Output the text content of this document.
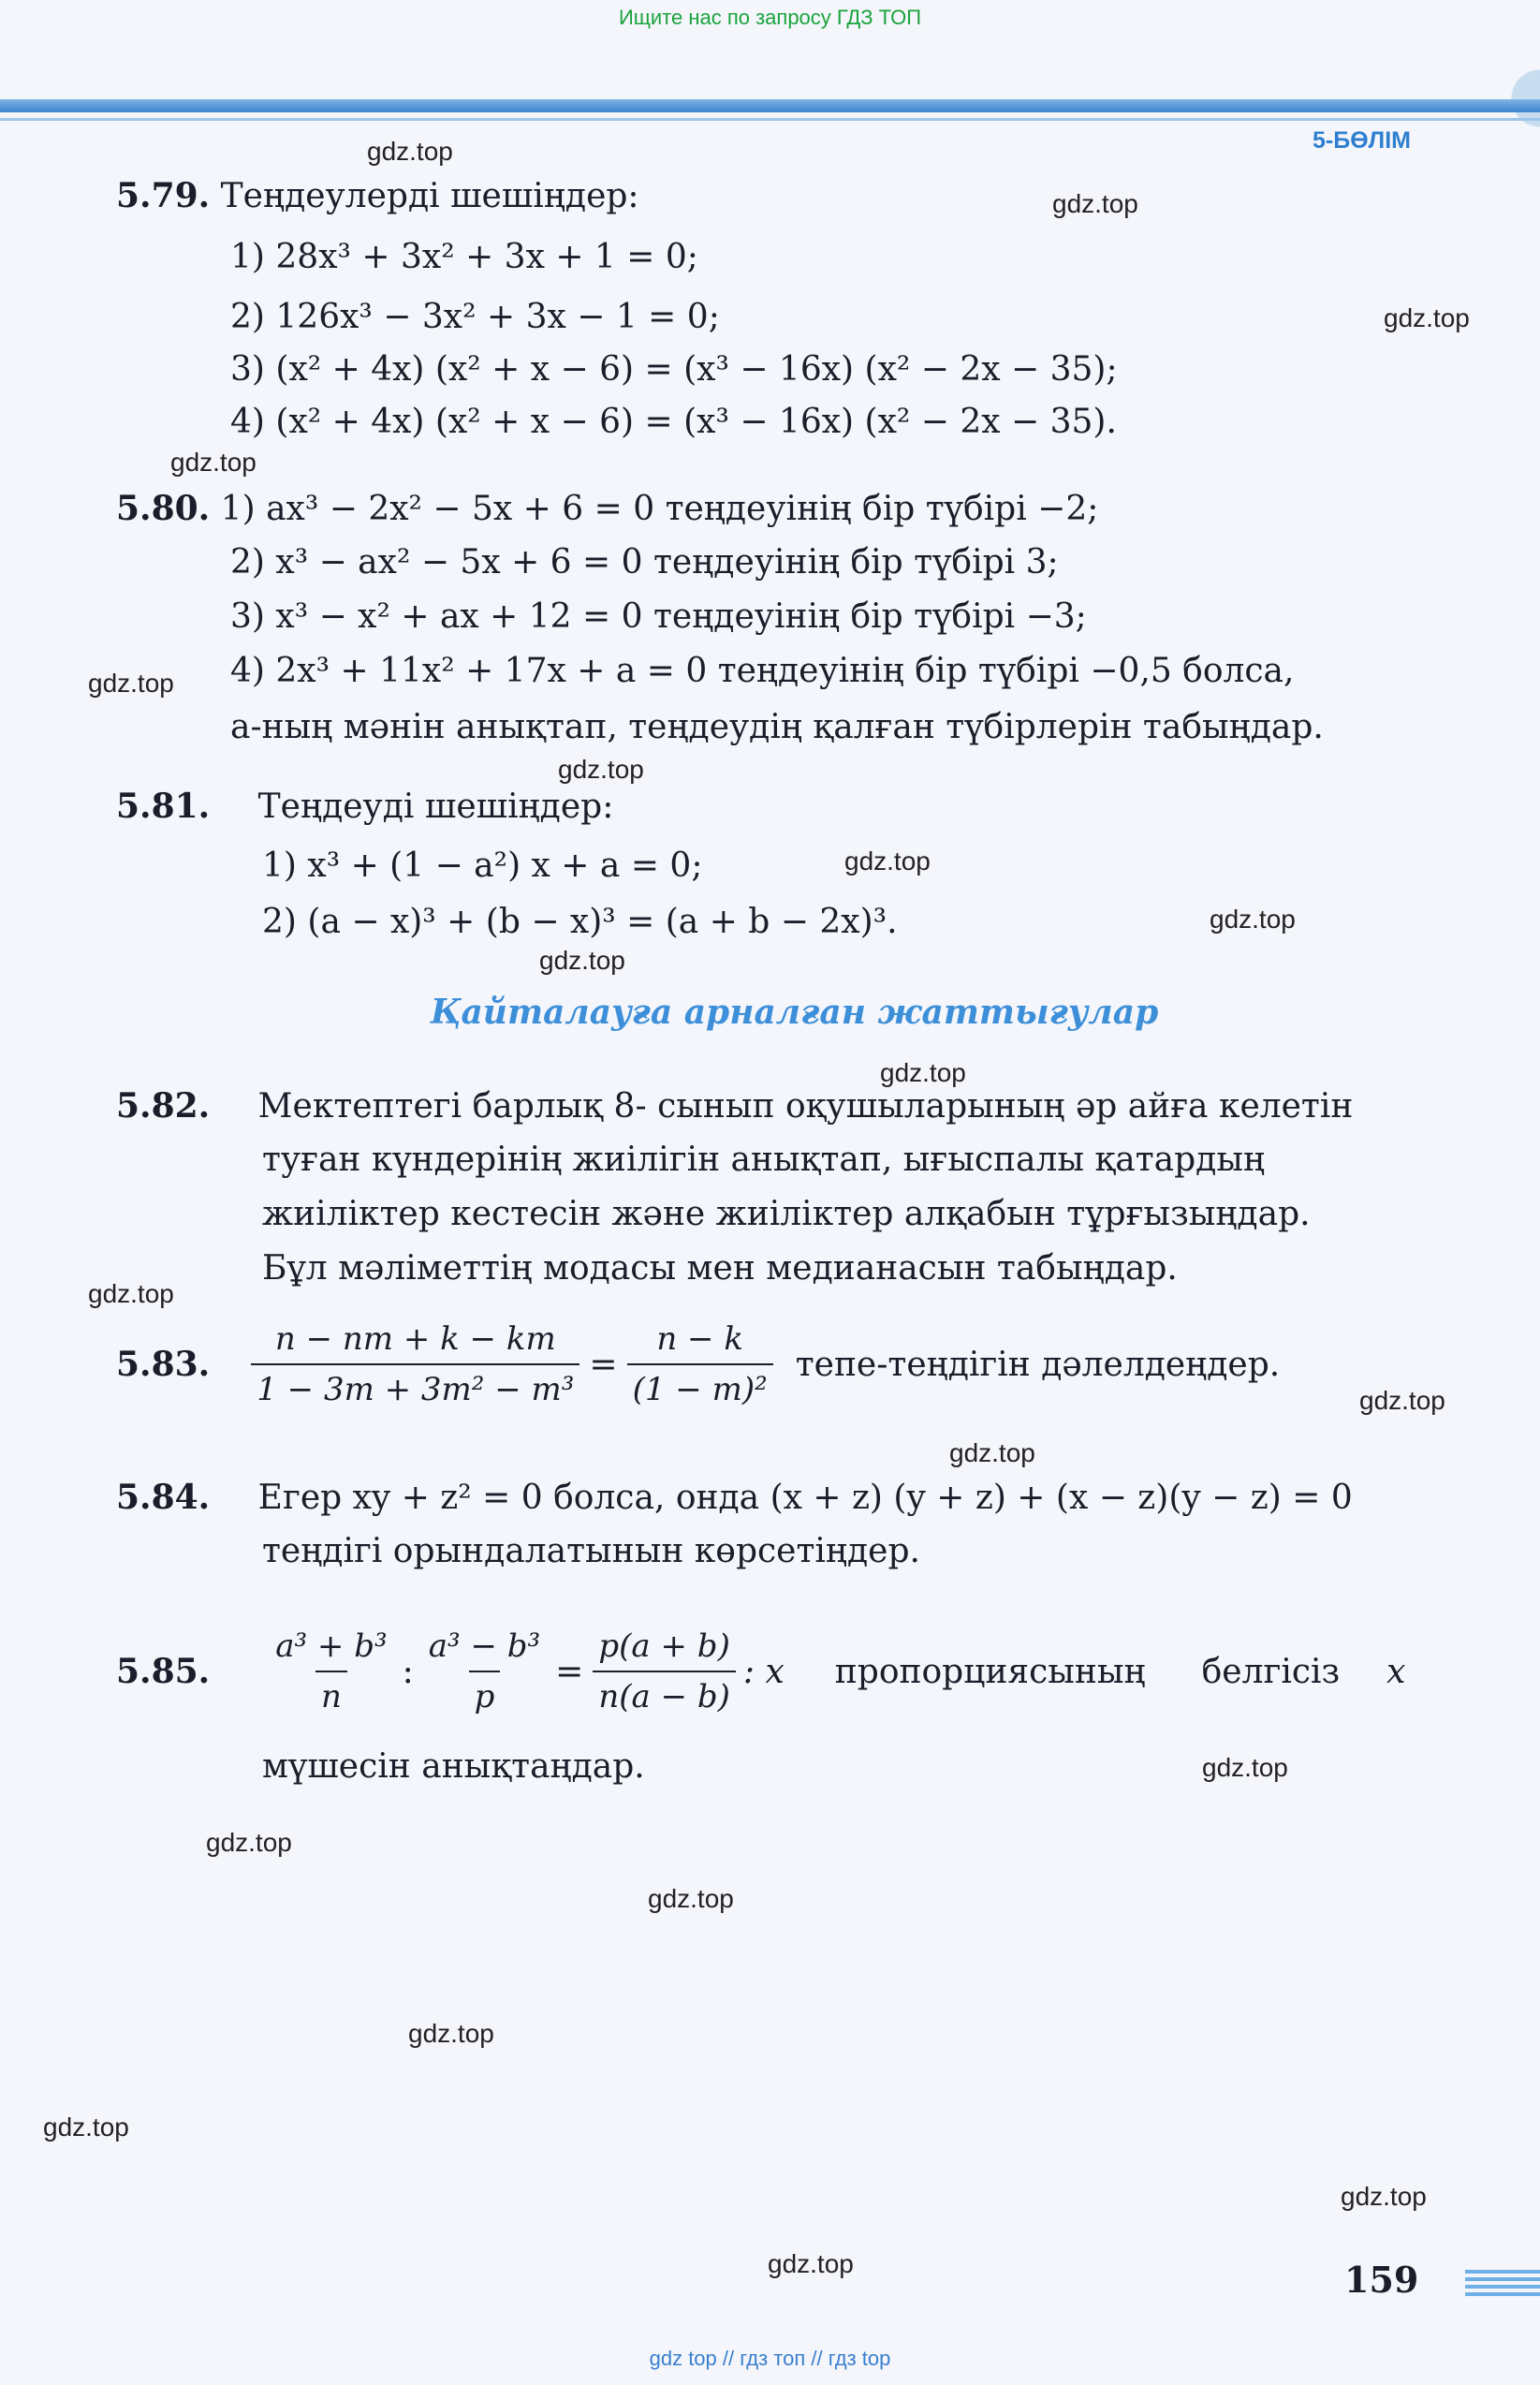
Ищите нас по запросу ГДЗ ТОП
5-БӨЛІМ
gdz.top
gdz.top
gdz.top
gdz.top
gdz.top
gdz.top
gdz.top
gdz.top
gdz.top
gdz.top
gdz.top
gdz.top
gdz.top
gdz.top
gdz.top
gdz.top
gdz.top
gdz.top
gdz.top
gdz.top
5.79. Теңдеулерді шешіңдер:
1) 28x³ + 3x² + 3x + 1 = 0;
2) 126x³ − 3x² + 3x − 1 = 0;
3) (x² + 4x) (x² + x − 6) = (x³ − 16x) (x² − 2x − 35);
4) (x² + 4x) (x² + x − 6) = (x³ − 16x) (x² − 2x − 35).
5.80. 1) ax³ − 2x² − 5x + 6 = 0 теңдеуінің бір түбірі −2;
2) x³ − ax² − 5x + 6 = 0 теңдеуінің бір түбірі 3;
3) x³ − x² + ax + 12 = 0 теңдеуінің бір түбірі −3;
4) 2x³ + 11x² + 17x + a = 0 теңдеуінің бір түбірі −0,5 болса,
a-ның мәнін анықтап, теңдеудің қалған түбірлерін табыңдар.
5.81. Теңдеуді шешіңдер:
1) x³ + (1 − a²) x + a = 0;
2) (a − x)³ + (b − x)³ = (a + b − 2x)³.
Қайталауға арналған жаттығулар
5.82. Мектептегі барлық 8- сынып оқушыларының әр айға келетін
туған күндерінің жиілігін анықтап, ығыспалы қатардың
жиіліктер кестесін және жиіліктер алқабын тұрғызыңдар.
Бұл мәліметтің модасы мен медианасын табыңдар.
5.83. $\frac{n - nm + k - km}{\text{1 − 3m + 3m² − m³}} = \frac{n - k}{\text{(1 − m)²}}$ тепе-теңдігін дәлелдеңдер.
5.84. Егер xy + z² = 0 болса, онда (x + z) (y + z) + (x − z)(y − z) = 0
теңдігі орындалатынын көрсетіңдер.
5.85. $\frac{\text{a³ + b³}}{n}$ : $\frac{\text{a³ − b³}}{p} = \frac{p(a + b)}{n(a - b)}$ : x пропорциясының белгісіз x
мүшесін анықтаңдар.
159
gdz top // гдз топ // гдз top
